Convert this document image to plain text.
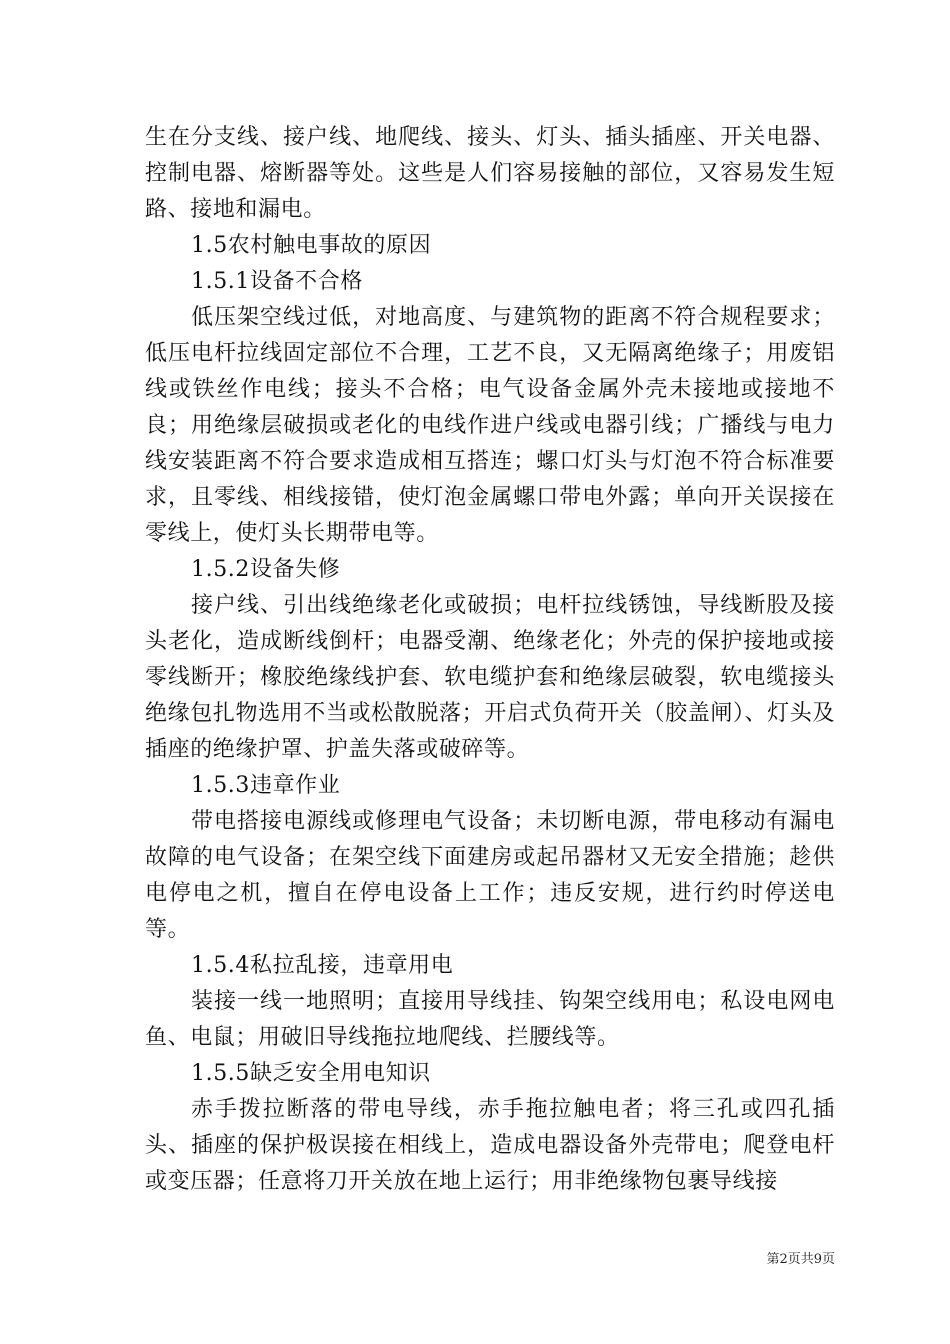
生在分支线、接户线、地爬线、接头、灯头、插头插座、开关电器、控制电器、熔断器等处。这些是人们容易接触的部位，又容易发生短路、接地和漏电。

1.5农村触电事故的原因

1.5.1设备不合格

低压架空线过低，对地高度、与建筑物的距离不符合规程要求；低压电杆拉线固定部位不合理，工艺不良，又无隔离绝缘子；用废铝线或铁丝作电线；接头不合格；电气设备金属外壳未接地或接地不良；用绝缘层破损或老化的电线作进户线或电器引线；广播线与电力线安装距离不符合要求造成相互搭连；螺口灯头与灯泡不符合标准要求，且零线、相线接错，使灯泡金属螺口带电外露；单向开关误接在零线上，使灯头长期带电等。

1.5.2设备失修

接户线、引出线绝缘老化或破损；电杆拉线锈蚀，导线断股及接头老化，造成断线倒杆；电器受潮、绝缘老化；外壳的保护接地或接零线断开；橡胶绝缘线护套、软电缆护套和绝缘层破裂，软电缆接头绝缘包扎物选用不当或松散脱落；开启式负荷开关（胶盖闸）、灯头及插座的绝缘护罩、护盖失落或破碎等。

1.5.3违章作业

带电搭接电源线或修理电气设备；未切断电源，带电移动有漏电故障的电气设备；在架空线下面建房或起吊器材又无安全措施；趁供电停电之机，擅自在停电设备上工作；违反安规，进行约时停送电等。

1.5.4私拉乱接，违章用电

装接一线一地照明；直接用导线挂、钩架空线用电；私设电网电鱼、电鼠；用破旧导线拖拉地爬线、拦腰线等。

1.5.5缺乏安全用电知识

赤手拨拉断落的带电导线，赤手拖拉触电者；将三孔或四孔插头、插座的保护极误接在相线上，造成电器设备外壳带电；爬登电杆或变压器；任意将刀开关放在地上运行；用非绝缘物包裹导线接

第2页共9页
